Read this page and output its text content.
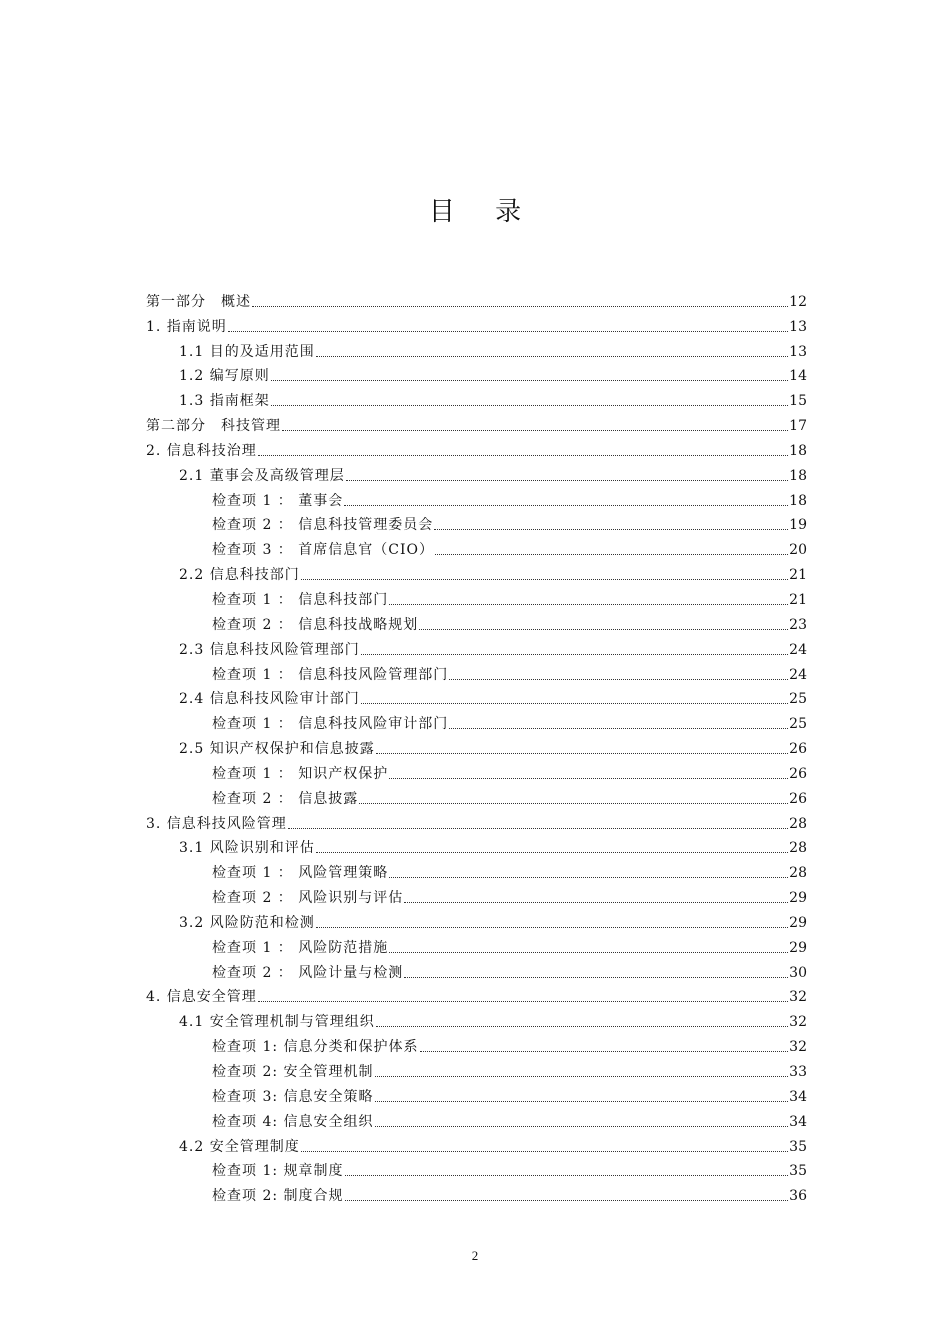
目 录
第一部分　概述	12
1. 指南说明	13
1.1 目的及适用范围	13
1.2 编写原则	14
1.3 指南框架	15
第二部分　科技管理	17
2. 信息科技治理	18
2.1 董事会及高级管理层	18
检查项 1 ： 董事会	18
检查项 2 ： 信息科技管理委员会	19
检查项 3 ： 首席信息官（CIO）	20
2.2 信息科技部门	21
检查项 1 ： 信息科技部门	21
检查项 2 ： 信息科技战略规划	23
2.3 信息科技风险管理部门	24
检查项 1 ： 信息科技风险管理部门	24
2.4 信息科技风险审计部门	25
检查项 1 ： 信息科技风险审计部门	25
2.5 知识产权保护和信息披露	26
检查项 1 ： 知识产权保护	26
检查项 2 ： 信息披露	26
3. 信息科技风险管理	28
3.1 风险识别和评估	28
检查项 1 ： 风险管理策略	28
检查项 2 ： 风险识别与评估	29
3.2 风险防范和检测	29
检查项 1 ： 风险防范措施	29
检查项 2 ： 风险计量与检测	30
4. 信息安全管理	32
4.1 安全管理机制与管理组织	32
检查项 1: 信息分类和保护体系	32
检查项 2: 安全管理机制	33
检查项 3: 信息安全策略	34
检查项 4: 信息安全组织	34
4.2 安全管理制度	35
检查项 1: 规章制度	35
检查项 2: 制度合规	36
2
